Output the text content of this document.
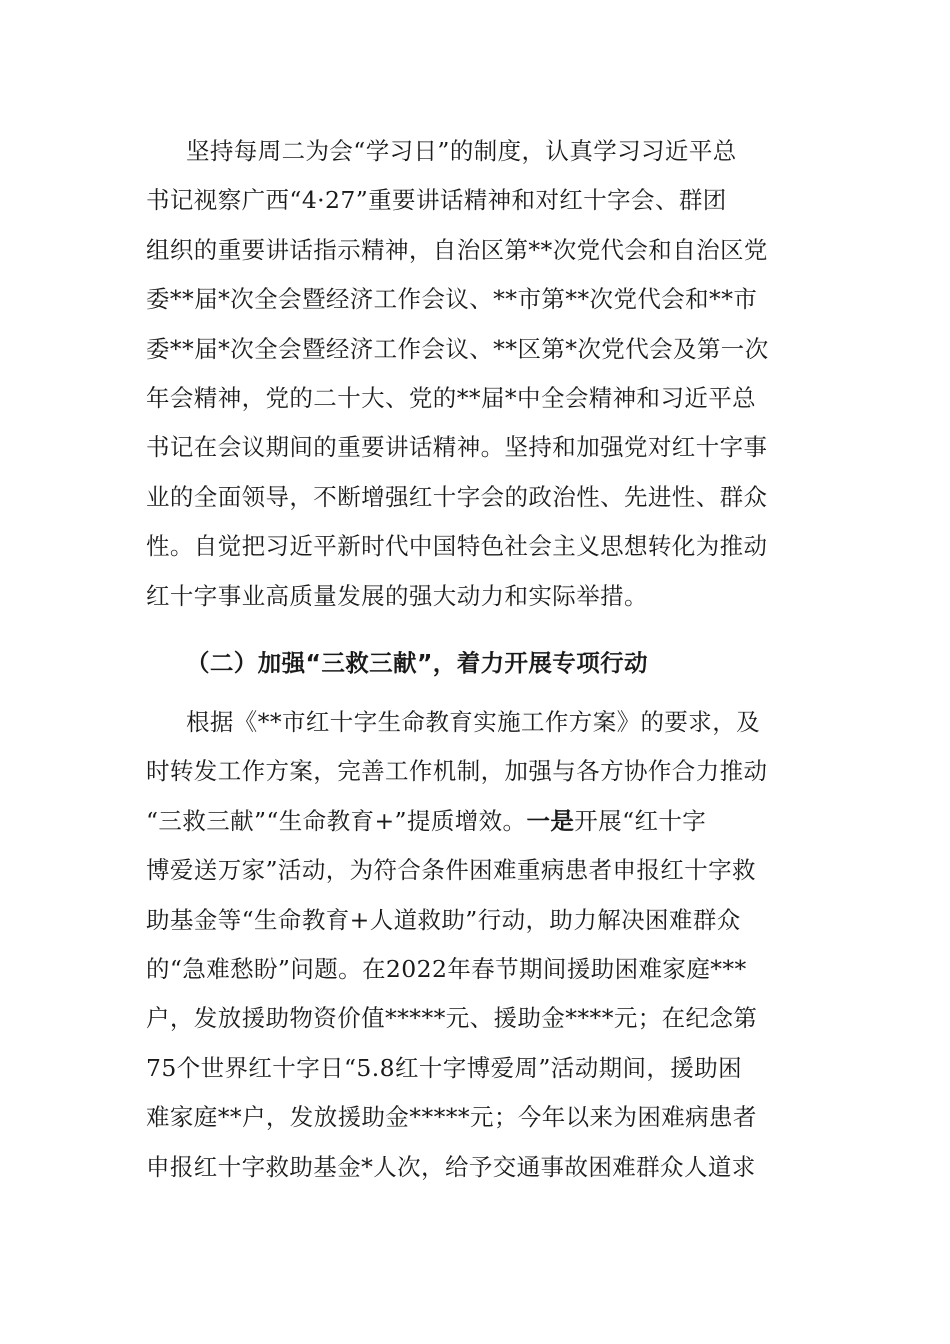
坚持每周二为会“学习日”的制度，认真学习习近平总
书记视察广西“4·27”重要讲话精神和对红十字会、群团
组织的重要讲话指示精神，自治区第**次党代会和自治区党
委**届*次全会暨经济工作会议、**市第**次党代会和**市
委**届*次全会暨经济工作会议、**区第*次党代会及第一次
年会精神，党的二十大、党的**届*中全会精神和习近平总
书记在会议期间的重要讲话精神。坚持和加强党对红十字事
业的全面领导，不断增强红十字会的政治性、先进性、群众
性。自觉把习近平新时代中国特色社会主义思想转化为推动
红十字事业高质量发展的强大动力和实际举措。
（二）加强“三救三献”，着力开展专项行动
根据《**市红十字生命教育实施工作方案》的要求，及
时转发工作方案，完善工作机制，加强与各方协作合力推动
“三救三献”“生命教育+”提质增效。一是开展“红十字
博爱送万家”活动，为符合条件困难重病患者申报红十字救
助基金等“生命教育+人道救助”行动，助力解决困难群众
的“急难愁盼”问题。在2022年春节期间援助困难家庭***
户，发放援助物资价值*****元、援助金****元；在纪念第
75个世界红十字日“5.8红十字博爱周”活动期间，援助困
难家庭**户，发放援助金*****元；今年以来为困难病患者
申报红十字救助基金*人次，给予交通事故困难群众人道求
